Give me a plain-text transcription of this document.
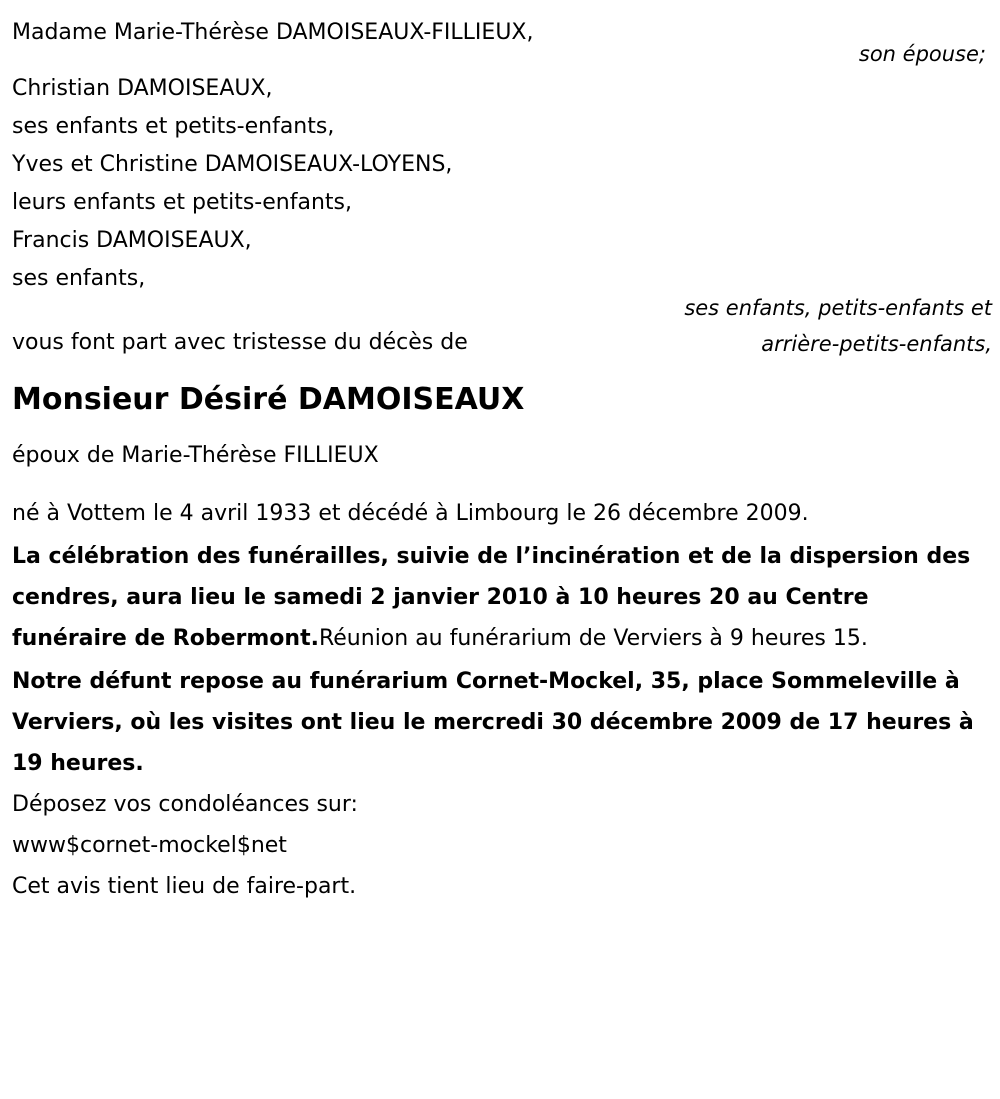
son épouse;
ses enfants, petits-enfants et arrière-petits-enfants,
Madame Marie-Thérèse DAMOISEAUX-FILLIEUX,
Christian DAMOISEAUX,
ses enfants et petits-enfants,
Yves et Christine DAMOISEAUX-LOYENS,
leurs enfants et petits-enfants,
Francis DAMOISEAUX,
ses enfants,
vous font part avec tristesse du décès de
Monsieur Désiré DAMOISEAUX
époux de Marie-Thérèse FILLIEUX
né à Vottem le 4 avril 1933 et décédé à Limbourg le 26 décembre 2009.

La célébration des funérailles, suivie de l’incinération et de la dispersion des cendres, aura lieu le samedi 2 janvier 2010 à 10 heures 20 au Centre funéraire de Robermont.Réunion au funérarium de Verviers à 9 heures 15.

Notre défunt repose au funérarium Cornet-Mockel, 35, place Sommeleville à Verviers, où les visites ont lieu le mercredi 30 décembre 2009 de 17 heures à 19 heures.

Déposez vos condoléances sur:
www$cornet-mockel$net
Cet avis tient lieu de faire-part.
